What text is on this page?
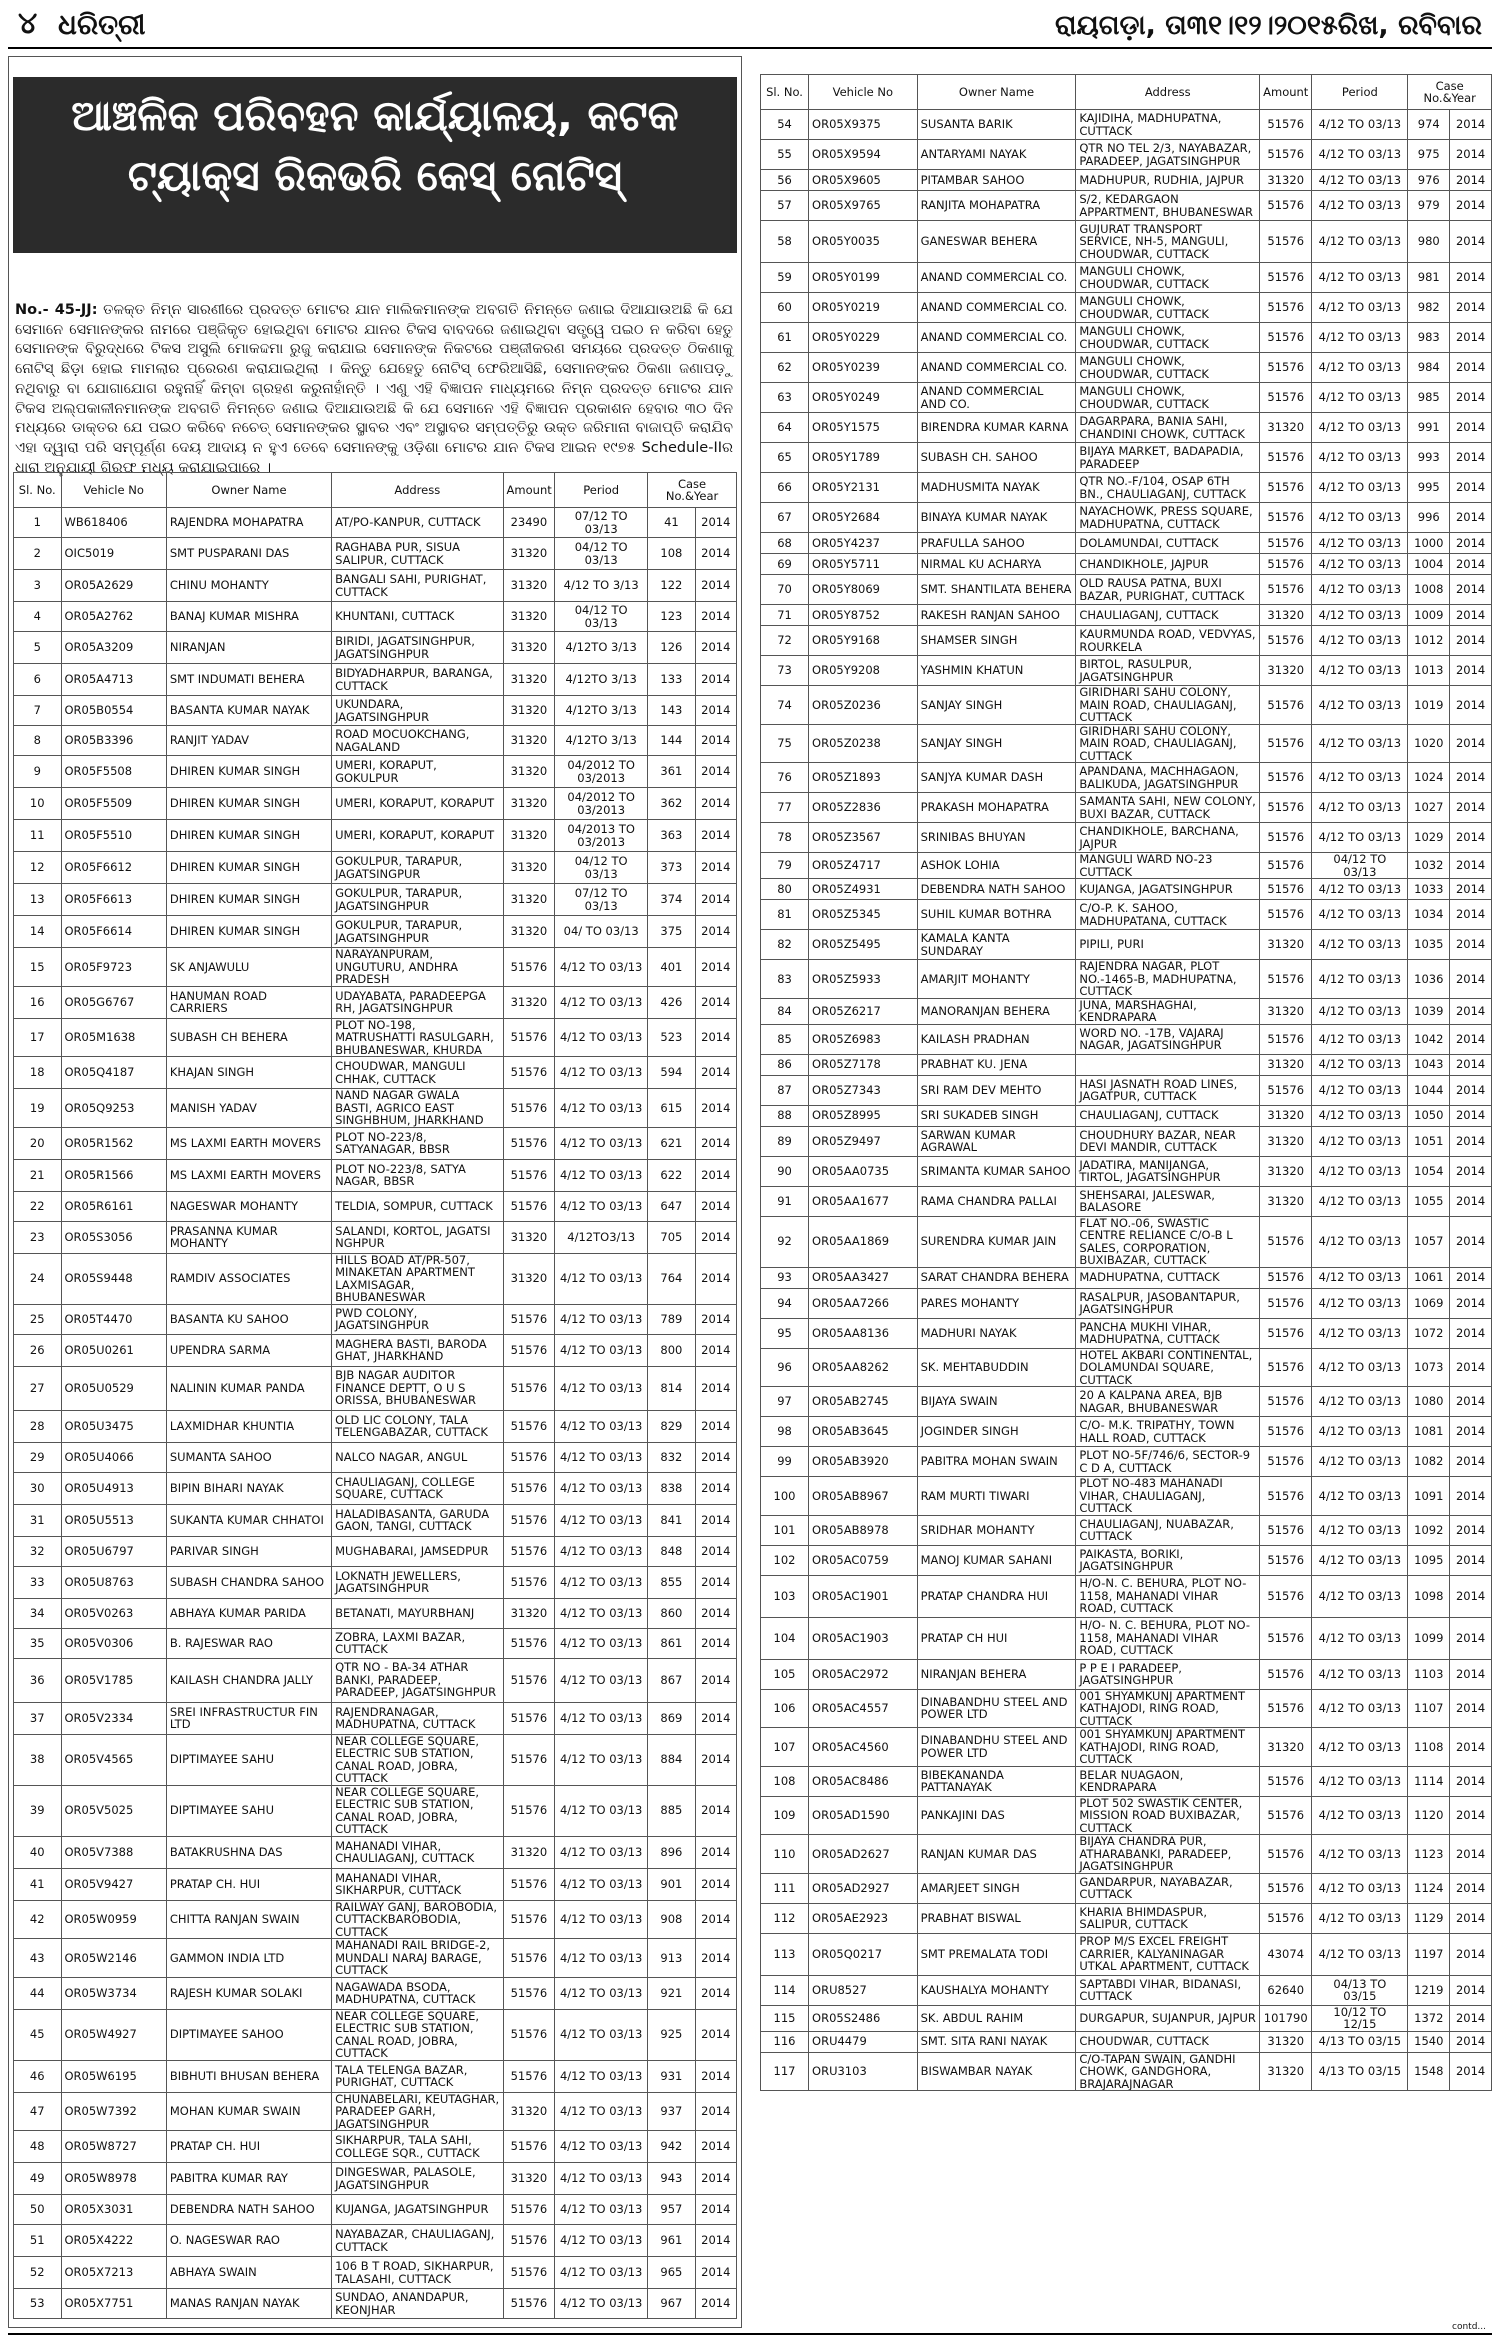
୪ ଧରିତ୍ରୀ	ରାୟଗଡ଼ା, ତା୩୧।୧୨।୨୦୧୫ରିଖ, ରବିବାର
ଆଞ୍ଚଳିକ ପରିବହନ କାର୍ଯ୍ୟାଳୟ, କଟକ
ଟ୍ୟାକ୍ସ ରିକଭରି କେସ୍ ନୋଟିସ୍
No.- 45-JJ: ତଳକ୍ତ ନିମ୍ନ ସାରଣୀରେ ପ୍ରଦତ୍ତ ମୋଟର ଯାନ ମାଲିକମାନଙ୍କ ଅବଗତି ନିମନ୍ତେ ଜଣାଇ ଦିଆଯାଉଅଛି କି ଯେ ସେମାନେ ସେମାନଙ୍କର ନାମରେ ପଞ୍ଜିକୃତ ହୋଇଥିବା ମୋଟର ଯାନର ଟିକସ ବାବଦରେ ଜଣାଇଥିବା ସତ୍ତ୍ୱେ ପଇଠ ନ କରିବା ହେତୁ ସେମାନଙ୍କ ବିରୁଦ୍ଧରେ ଟିକସ ଅସୁଲି ମୋକଦ୍ଦମା ରୁଜୁ କରାଯାଇ ସେମାନଙ୍କ ନିକଟରେ ପଞ୍ଜୀକରଣ ସମୟରେ ପ୍ରଦତ୍ତ ଠିକଣାକୁ ନୋଟିସ୍ ଛିଡ଼ା ହୋଇ ମାମଲାର ପ୍ରେରଣ କରାଯାଇଥିଲା । କିନ୍ତୁ ଯେହେତୁ ନୋଟିସ୍ ଫେରିଆସିଛି, ସେମାନଙ୍କର ଠିକଣା ଜଣାପଡ଼ୁ ନଥିବାରୁ ବା ଯୋଗାଯୋଗ ରହୁନାହିଁ କିମ୍ବା ଗ୍ରହଣ କରୁନାହାଁନ୍ତି । ଏଣୁ ଏହି ବିଜ୍ଞାପନ ମାଧ୍ୟମରେ ନିମ୍ନ ପ୍ରଦତ୍ତ ମୋଟର ଯାନ ଟିକସ ଅଲ୍ପକାଳୀନମାନଙ୍କ ଅବଗତି ନିମନ୍ତେ ଜଣାଇ ଦିଆଯାଉଅଛି କି ଯେ ସେମାନେ ଏହି ବିଜ୍ଞାପନ ପ୍ରକାଶନ ହେବାର ୩୦ ଦିନ ମଧ୍ୟରେ ଡାକ୍ତର ଯେ ପଇଠ କରିବେ ନଚେତ୍ ସେମାନଙ୍କର ସ୍ଥାବର ଏବଂ ଅସ୍ଥାବର ସମ୍ପତ୍ତିରୁ ଉକ୍ତ ଜରିମାନା ବାଜାପ୍ତି କରାଯିବ ଏହା ଦ୍ୱାରା ପରି ସମ୍ପୂର୍ଣ୍ଣ ଦେୟ ଆଦାୟ ନ ହୁଏ ତେବେ ସେମାନଙ୍କୁ ଓଡ଼ିଶା ମୋଟର ଯାନ ଟିକସ ଆଇନ ୧୯୭୫ Schedule-IIର ଧାରା ଅନୁଯାୟୀ ଗିରଫ ମଧ୍ୟ କରାଯାଇପାରେ ।
Sl. No.	Vehicle No	Owner Name	Address	Amount	Period	Case No.&Year	
1	WB618406	RAJENDRA MOHAPATRA	AT/PO-KANPUR, CUTTACK	23490	07/12 TO 03/13	41	2014
2	OIC5019	SMT PUSPARANI DAS	RAGHABA PUR, SISUA SALIPUR, CUTTACK	31320	04/12 TO 03/13	108	2014
3	OR05A2629	CHINU MOHANTY	BANGALI SAHI, PURIGHAT, CUTTACK	31320	4/12 TO 3/13	122	2014
4	OR05A2762	BANAJ KUMAR MISHRA	KHUNTANI, CUTTACK	31320	04/12 TO 03/13	123	2014
5	OR05A3209	NIRANJAN	BIRIDI, JAGATSINGHPUR, JAGATSINGHPUR	31320	4/12TO 3/13	126	2014
6	OR05A4713	SMT INDUMATI BEHERA	BIDYADHARPUR, BARANGA, CUTTACK	31320	4/12TO 3/13	133	2014
7	OR05B0554	BASANTA KUMAR NAYAK	UKUNDARA, JAGATSINGHPUR	31320	4/12TO 3/13	143	2014
8	OR05B3396	RANJIT YADAV	ROAD MOCUOKCHANG, NAGALAND	31320	4/12TO 3/13	144	2014
9	OR05F5508	DHIREN KUMAR SINGH	UMERI, KORAPUT, GOKULPUR	31320	04/2012 TO 03/2013	361	2014
10	OR05F5509	DHIREN KUMAR SINGH	UMERI, KORAPUT, KORAPUT	31320	04/2012 TO 03/2013	362	2014
11	OR05F5510	DHIREN KUMAR SINGH	UMERI, KORAPUT, KORAPUT	31320	04/2013 TO 03/2013	363	2014
12	OR05F6612	DHIREN KUMAR SINGH	GOKULPUR, TARAPUR, JAGATSINGPUR	31320	04/12 TO 03/13	373	2014
13	OR05F6613	DHIREN KUMAR SINGH	GOKULPUR, TARAPUR, JAGATSINGHPUR	31320	07/12 TO 03/13	374	2014
14	OR05F6614	DHIREN KUMAR SINGH	GOKULPUR, TARAPUR, JAGATSINGHPUR	31320	04/ TO 03/13	375	2014
15	OR05F9723	SK ANJAWULU	NARAYANPURAM, UNGUTURU, ANDHRA PRADESH	51576	4/12 TO 03/13	401	2014
16	OR05G6767	HANUMAN ROAD CARRIERS	UDAYABATA, PARADEEPGA RH, JAGATSINGHPUR	31320	4/12 TO 03/13	426	2014
17	OR05M1638	SUBASH CH BEHERA	PLOT NO-198, MATRUSHATTI RASULGARH, BHUBANESWAR, KHURDA	51576	4/12 TO 03/13	523	2014
18	OR05Q4187	KHAJAN SINGH	CHOUDWAR, MANGULI CHHAK, CUTTACK	51576	4/12 TO 03/13	594	2014
19	OR05Q9253	MANISH YADAV	NAND NAGAR GWALA BASTI, AGRICO EAST SINGHBHUM, JHARKHAND	51576	4/12 TO 03/13	615	2014
20	OR05R1562	MS LAXMI EARTH MOVERS	PLOT NO-223/8, SATYANAGAR, BBSR	51576	4/12 TO 03/13	621	2014
21	OR05R1566	MS LAXMI EARTH MOVERS	PLOT NO-223/8, SATYA NAGAR, BBSR	51576	4/12 TO 03/13	622	2014
22	OR05R6161	NAGESWAR MOHANTY	TELDIA, SOMPUR, CUTTACK	51576	4/12 TO 03/13	647	2014
23	OR05S3056	PRASANNA KUMAR MOHANTY	SALANDI, KORTOL, JAGATSI NGHPUR	31320	4/12TO3/13	705	2014
24	OR05S9448	RAMDIV ASSOCIATES	HILLS BOAD AT/PR-507, MINAKETAN APARTMENT LAXMISAGAR, BHUBANESWAR	31320	4/12 TO 03/13	764	2014
25	OR05T4470	BASANTA KU SAHOO	PWD COLONY, JAGATSINGHPUR	51576	4/12 TO 03/13	789	2014
26	OR05U0261	UPENDRA SARMA	MAGHERA BASTI, BARODA GHAT, JHARKHAND	51576	4/12 TO 03/13	800	2014
27	OR05U0529	NALININ KUMAR PANDA	BJB NAGAR AUDITOR FINANCE DEPTT, O U S ORISSA, BHUBANESWAR	51576	4/12 TO 03/13	814	2014
28	OR05U3475	LAXMIDHAR KHUNTIA	OLD LIC COLONY, TALA TELENGABAZAR, CUTTACK	51576	4/12 TO 03/13	829	2014
29	OR05U4066	SUMANTA SAHOO	NALCO NAGAR, ANGUL	51576	4/12 TO 03/13	832	2014
30	OR05U4913	BIPIN BIHARI NAYAK	CHAULIAGANJ, COLLEGE SQUARE, CUTTACK	51576	4/12 TO 03/13	838	2014
31	OR05U5513	SUKANTA KUMAR CHHATOI	HALADIBASANTA, GARUDA GAON, TANGI, CUTTACK	51576	4/12 TO 03/13	841	2014
32	OR05U6797	PARIVAR SINGH	MUGHABARAI, JAMSEDPUR	51576	4/12 TO 03/13	848	2014
33	OR05U8763	SUBASH CHANDRA SAHOO	LOKNATH JEWELLERS, JAGATSINGHPUR	51576	4/12 TO 03/13	855	2014
34	OR05V0263	ABHAYA KUMAR PARIDA	BETANATI, MAYURBHANJ	31320	4/12 TO 03/13	860	2014
35	OR05V0306	B. RAJESWAR RAO	ZOBRA, LAXMI BAZAR, CUTTACK	51576	4/12 TO 03/13	861	2014
36	OR05V1785	KAILASH CHANDRA JALLY	QTR NO - BA-34 ATHAR BANKI, PARADEEP, PARADEEP, JAGATSINGHPUR	51576	4/12 TO 03/13	867	2014
37	OR05V2334	SREI INFRASTRUCTUR FIN LTD	RAJENDRANAGAR, MADHUPATNA, CUTTACK	51576	4/12 TO 03/13	869	2014
38	OR05V4565	DIPTIMAYEE SAHU	NEAR COLLEGE SQUARE, ELECTRIC SUB STATION, CANAL ROAD, JOBRA, CUTTACK	51576	4/12 TO 03/13	884	2014
39	OR05V5025	DIPTIMAYEE SAHU	NEAR COLLEGE SQUARE, ELECTRIC SUB STATION, CANAL ROAD, JOBRA, CUTTACK	51576	4/12 TO 03/13	885	2014
40	OR05V7388	BATAKRUSHNA DAS	MAHANADI VIHAR, CHAULIAGANJ, CUTTACK	31320	4/12 TO 03/13	896	2014
41	OR05V9427	PRATAP CH. HUI	MAHANADI VIHAR, SIKHARPUR, CUTTACK	51576	4/12 TO 03/13	901	2014
42	OR05W0959	CHITTA RANJAN SWAIN	RAILWAY GANJ, BAROBODIA, CUTTACKBAROBODIA, CUTTACK	51576	4/12 TO 03/13	908	2014
43	OR05W2146	GAMMON INDIA LTD	MAHANADI RAIL BRIDGE-2, MUNDALI NARAJ BARAGE, CUTTACK	51576	4/12 TO 03/13	913	2014
44	OR05W3734	RAJESH KUMAR SOLAKI	NAGAWADA BSODA, MADHUPATNA, CUTTACK	51576	4/12 TO 03/13	921	2014
45	OR05W4927	DIPTIMAYEE SAHOO	NEAR COLLEGE SQUARE, ELECTRIC SUB STATION, CANAL ROAD, JOBRA, CUTTACK	51576	4/12 TO 03/13	925	2014
46	OR05W6195	BIBHUTI BHUSAN BEHERA	TALA TELENGA BAZAR, PURIGHAT, CUTTACK	51576	4/12 TO 03/13	931	2014
47	OR05W7392	MOHAN KUMAR SWAIN	CHUNABELARI, KEUTAGHAR, PARADEEP GARH, JAGATSINGHPUR	31320	4/12 TO 03/13	937	2014
48	OR05W8727	PRATAP CH. HUI	SIKHARPUR, TALA SAHI, COLLEGE SQR., CUTTACK	51576	4/12 TO 03/13	942	2014
49	OR05W8978	PABITRA KUMAR RAY	DINGESWAR, PALASOLE, JAGATSINGHPUR	31320	4/12 TO 03/13	943	2014
50	OR05X3031	DEBENDRA NATH SAHOO	KUJANGA, JAGATSINGHPUR	51576	4/12 TO 03/13	957	2014
51	OR05X4222	O. NAGESWAR RAO	NAYABAZAR, CHAULIAGANJ, CUTTACK	51576	4/12 TO 03/13	961	2014
52	OR05X7213	ABHAYA SWAIN	106 B T ROAD, SIKHARPUR, TALASAHI, CUTTACK	51576	4/12 TO 03/13	965	2014
53	OR05X7751	MANAS RANJAN NAYAK	SUNDAO, ANANDAPUR, KEONJHAR	51576	4/12 TO 03/13	967	2014
Sl. No.	Vehicle No	Owner Name	Address	Amount	Period	Case No.&Year	
54	OR05X9375	SUSANTA BARIK	KAJIDIHA, MADHUPATNA, CUTTACK	51576	4/12 TO 03/13	974	2014
55	OR05X9594	ANTARYAMI NAYAK	QTR NO TEL 2/3, NAYABAZAR, PARADEEP, JAGATSINGHPUR	51576	4/12 TO 03/13	975	2014
56	OR05X9605	PITAMBAR SAHOO	MADHUPUR, RUDHIA, JAJPUR	31320	4/12 TO 03/13	976	2014
57	OR05X9765	RANJITA MOHAPATRA	S/2, KEDARGAON APPARTMENT, BHUBANESWAR	51576	4/12 TO 03/13	979	2014
58	OR05Y0035	GANESWAR BEHERA	GUJURAT TRANSPORT SERVICE, NH-5, MANGULI, CHOUDWAR, CUTTACK	51576	4/12 TO 03/13	980	2014
59	OR05Y0199	ANAND COMMERCIAL CO.	MANGULI CHOWK, CHOUDWAR, CUTTACK	51576	4/12 TO 03/13	981	2014
60	OR05Y0219	ANAND COMMERCIAL CO.	MANGULI CHOWK, CHOUDWAR, CUTTACK	51576	4/12 TO 03/13	982	2014
61	OR05Y0229	ANAND COMMERCIAL CO.	MANGULI CHOWK, CHOUDWAR, CUTTACK	51576	4/12 TO 03/13	983	2014
62	OR05Y0239	ANAND COMMERCIAL CO.	MANGULI CHOWK, CHOUDWAR, CUTTACK	51576	4/12 TO 03/13	984	2014
63	OR05Y0249	ANAND COMMERCIAL AND CO.	MANGULI CHOWK, CHOUDWAR, CUTTACK	51576	4/12 TO 03/13	985	2014
64	OR05Y1575	BIRENDRA KUMAR KARNA	DAGARPARA, BANIA SAHI, CHANDINI CHOWK, CUTTACK	31320	4/12 TO 03/13	991	2014
65	OR05Y1789	SUBASH CH. SAHOO	BIJAYA MARKET, BADAPADIA, PARADEEP	51576	4/12 TO 03/13	993	2014
66	OR05Y2131	MADHUSMITA NAYAK	QTR NO.-F/104, OSAP 6TH BN., CHAULIAGANJ, CUTTACK	51576	4/12 TO 03/13	995	2014
67	OR05Y2684	BINAYA KUMAR NAYAK	NAYACHOWK, PRESS SQUARE, MADHUPATNA, CUTTACK	51576	4/12 TO 03/13	996	2014
68	OR05Y4237	PRAFULLA SAHOO	DOLAMUNDAI, CUTTACK	51576	4/12 TO 03/13	1000	2014
69	OR05Y5711	NIRMAL KU ACHARYA	CHANDIKHOLE, JAJPUR	51576	4/12 TO 03/13	1004	2014
70	OR05Y8069	SMT. SHANTILATA BEHERA	OLD RAUSA PATNA, BUXI BAZAR, PURIGHAT, CUTTACK	51576	4/12 TO 03/13	1008	2014
71	OR05Y8752	RAKESH RANJAN SAHOO	CHAULIAGANJ, CUTTACK	31320	4/12 TO 03/13	1009	2014
72	OR05Y9168	SHAMSER SINGH	KAURMUNDA ROAD, VEDVYAS, ROURKELA	51576	4/12 TO 03/13	1012	2014
73	OR05Y9208	YASHMIN KHATUN	BIRTOL, RASULPUR, JAGATSINGHPUR	31320	4/12 TO 03/13	1013	2014
74	OR05Z0236	SANJAY SINGH	GIRIDHARI SAHU COLONY, MAIN ROAD, CHAULIAGANJ, CUTTACK	51576	4/12 TO 03/13	1019	2014
75	OR05Z0238	SANJAY SINGH	GIRIDHARI SAHU COLONY, MAIN ROAD, CHAULIAGANJ, CUTTACK	51576	4/12 TO 03/13	1020	2014
76	OR05Z1893	SANJYA KUMAR DASH	APANDANA, MACHHAGAON, BALIKUDA, JAGATSINGHPUR	51576	4/12 TO 03/13	1024	2014
77	OR05Z2836	PRAKASH MOHAPATRA	SAMANTA SAHI, NEW COLONY, BUXI BAZAR, CUTTACK	51576	4/12 TO 03/13	1027	2014
78	OR05Z3567	SRINIBAS BHUYAN	CHANDIKHOLE, BARCHANA, JAJPUR	51576	4/12 TO 03/13	1029	2014
79	OR05Z4717	ASHOK LOHIA	MANGULI WARD NO-23 CUTTACK	51576	04/12 TO 03/13	1032	2014
80	OR05Z4931	DEBENDRA NATH SAHOO	KUJANGA, JAGATSINGHPUR	51576	4/12 TO 03/13	1033	2014
81	OR05Z5345	SUHIL KUMAR BOTHRA	C/O-P. K. SAHOO, MADHUPATANA, CUTTACK	51576	4/12 TO 03/13	1034	2014
82	OR05Z5495	KAMALA KANTA SUNDARAY	PIPILI, PURI	31320	4/12 TO 03/13	1035	2014
83	OR05Z5933	AMARJIT MOHANTY	RAJENDRA NAGAR, PLOT NO.-1465-B, MADHUPATNA, CUTTACK	51576	4/12 TO 03/13	1036	2014
84	OR05Z6217	MANORANJAN BEHERA	JUNA, MARSHAGHAI, KENDRAPARA	31320	4/12 TO 03/13	1039	2014
85	OR05Z6983	KAILASH PRADHAN	WORD NO. -17B, VAJARAJ NAGAR, JAGATSINGHPUR	51576	4/12 TO 03/13	1042	2014
86	OR05Z7178	PRABHAT KU. JENA		31320	4/12 TO 03/13	1043	2014
87	OR05Z7343	SRI RAM DEV MEHTO	HASI JASNATH ROAD LINES, JAGATPUR, CUTTACK	51576	4/12 TO 03/13	1044	2014
88	OR05Z8995	SRI SUKADEB SINGH	CHAULIAGANJ, CUTTACK	31320	4/12 TO 03/13	1050	2014
89	OR05Z9497	SARWAN KUMAR AGRAWAL	CHOUDHURY BAZAR, NEAR DEVI MANDIR, CUTTACK	31320	4/12 TO 03/13	1051	2014
90	OR05AA0735	SRIMANTA KUMAR SAHOO	JADATIRA, MANIJANGA, TIRTOL, JAGATSINGHPUR	31320	4/12 TO 03/13	1054	2014
91	OR05AA1677	RAMA CHANDRA PALLAI	SHEHSARAI, JALESWAR, BALASORE	31320	4/12 TO 03/13	1055	2014
92	OR05AA1869	SURENDRA KUMAR JAIN	FLAT NO.-06, SWASTIC CENTRE RELIANCE C/O-B L SALES, CORPORATION, BUXIBAZAR, CUTTACK	51576	4/12 TO 03/13	1057	2014
93	OR05AA3427	SARAT CHANDRA BEHERA	MADHUPATNA, CUTTACK	51576	4/12 TO 03/13	1061	2014
94	OR05AA7266	PARES MOHANTY	RASALPUR, JASOBANTAPUR, JAGATSINGHPUR	51576	4/12 TO 03/13	1069	2014
95	OR05AA8136	MADHURI NAYAK	PANCHA MUKHI VIHAR, MADHUPATNA, CUTTACK	51576	4/12 TO 03/13	1072	2014
96	OR05AA8262	SK. MEHTABUDDIN	HOTEL AKBARI CONTINENTAL, DOLAMUNDAI SQUARE, CUTTACK	51576	4/12 TO 03/13	1073	2014
97	OR05AB2745	BIJAYA SWAIN	20 A KALPANA AREA, BJB NAGAR, BHUBANESWAR	51576	4/12 TO 03/13	1080	2014
98	OR05AB3645	JOGINDER SINGH	C/O- M.K. TRIPATHY, TOWN HALL ROAD, CUTTACK	51576	4/12 TO 03/13	1081	2014
99	OR05AB3920	PABITRA MOHAN SWAIN	PLOT NO-5F/746/6, SECTOR-9 C D A, CUTTACK	51576	4/12 TO 03/13	1082	2014
100	OR05AB8967	RAM MURTI TIWARI	PLOT NO-483 MAHANADI VIHAR, CHAULIAGANJ, CUTTACK	51576	4/12 TO 03/13	1091	2014
101	OR05AB8978	SRIDHAR MOHANTY	CHAULIAGANJ, NUABAZAR, CUTTACK	51576	4/12 TO 03/13	1092	2014
102	OR05AC0759	MANOJ KUMAR SAHANI	PAIKASTA, BORIKI, JAGATSINGHPUR	51576	4/12 TO 03/13	1095	2014
103	OR05AC1901	PRATAP CHANDRA HUI	H/O-N. C. BEHURA, PLOT NO- 1158, MAHANADI VIHAR ROAD, CUTTACK	51576	4/12 TO 03/13	1098	2014
104	OR05AC1903	PRATAP CH HUI	H/O- N. C. BEHURA, PLOT NO- 1158, MAHANADI VIHAR ROAD, CUTTACK	51576	4/12 TO 03/13	1099	2014
105	OR05AC2972	NIRANJAN BEHERA	P P E I PARADEEP, JAGATSINGHPUR	51576	4/12 TO 03/13	1103	2014
106	OR05AC4557	DINABANDHU STEEL AND POWER LTD	001 SHYAMKUNJ APARTMENT KATHAJODI, RING ROAD, CUTTACK	51576	4/12 TO 03/13	1107	2014
107	OR05AC4560	DINABANDHU STEEL AND POWER LTD	001 SHYAMKUNJ APARTMENT KATHAJODI, RING ROAD, CUTTACK	31320	4/12 TO 03/13	1108	2014
108	OR05AC8486	BIBEKANANDA PATTANAYAK	BELAR NUAGAON, KENDRAPARA	51576	4/12 TO 03/13	1114	2014
109	OR05AD1590	PANKAJINI DAS	PLOT 502 SWASTIK CENTER, MISSION ROAD BUXIBAZAR, CUTTACK	51576	4/12 TO 03/13	1120	2014
110	OR05AD2627	RANJAN KUMAR DAS	BIJAYA CHANDRA PUR, ATHARABANKI, PARADEEP, JAGATSINGHPUR	51576	4/12 TO 03/13	1123	2014
111	OR05AD2927	AMARJEET SINGH	GANDARPUR, NAYABAZAR, CUTTACK	51576	4/12 TO 03/13	1124	2014
112	OR05AE2923	PRABHAT BISWAL	KHARIA BHIMDASPUR, SALIPUR, CUTTACK	51576	4/12 TO 03/13	1129	2014
113	OR05Q0217	SMT PREMALATA TODI	PROP M/S EXCEL FREIGHT CARRIER, KALYANINAGAR UTKAL APARTMENT, CUTTACK	43074	4/12 TO 03/13	1197	2014
114	ORU8527	KAUSHALYA MOHANTY	SAPTABDI VIHAR, BIDANASI, CUTTACK	62640	04/13 TO 03/15	1219	2014
115	OR05S2486	SK. ABDUL RAHIM	DURGAPUR, SUJANPUR, JAJPUR	101790	10/12 TO 12/15	1372	2014
116	ORU4479	SMT. SITA RANI NAYAK	CHOUDWAR, CUTTACK	31320	4/13 TO 03/15	1540	2014
117	ORU3103	BISWAMBAR NAYAK	C/O-TAPAN SWAIN, GANDHI CHOWK, GANDGHORA, BRAJARAJNAGAR	31320	4/13 TO 03/15	1548	2014
contd...
